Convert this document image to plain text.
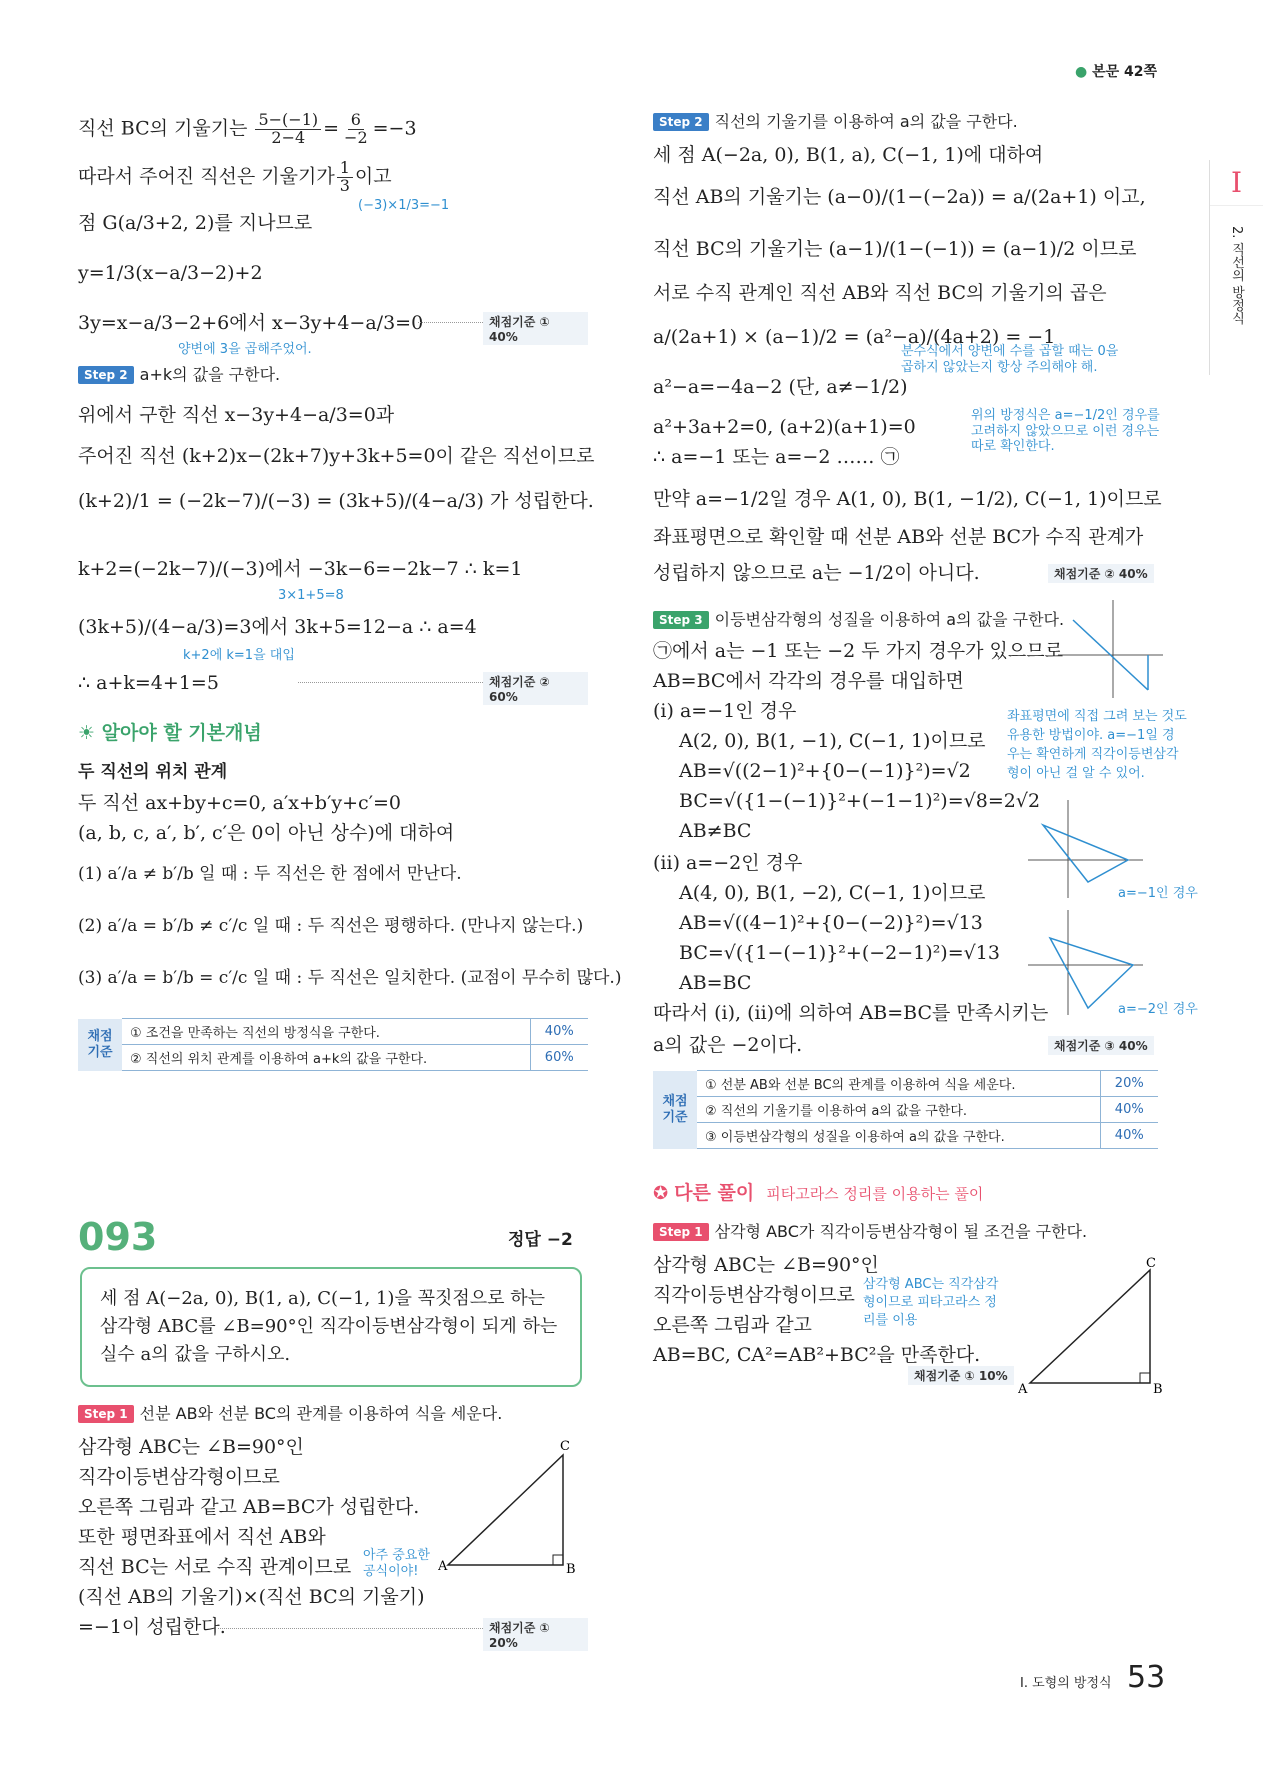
● 본문 42쪽
I
2. 직선의 방정식
직선 BC의 기울기는 $\frac{5-(-1)}{2-4} = \frac{6}{-2} =-3$
따라서 주어진 직선은 기울기가 $\frac{1}{3}$ 이고
(−3)×1/3=−1
점 G(a/3+2, 2)를 지나므로
y=1/3(x−a/3−2)+2
3y=x−a/3−2+6에서 x−3y+4−a/3=0	채점기준 ① 40%
양변에 3을 곱해주었어.
Step 2 a+k의 값을 구한다.
위에서 구한 직선 x−3y+4−a/3=0과
주어진 직선 (k+2)x−(2k+7)y+3k+5=0이 같은 직선이므로
(k+2)/1 = (−2k−7)/(−3) = (3k+5)/(4−a/3) 가 성립한다.
3×1+5=8
k+2=(−2k−7)/(−3)에서 −3k−6=−2k−7 ∴ k=1
(3k+5)/(4−a/3)=3에서 3k+5=12−a ∴ a=4
k+2에 k=1을 대입
∴ a+k=4+1=5	채점기준 ② 60%
☀ 알아야 할 기본개념
두 직선의 위치 관계
두 직선 ax+by+c=0, a′x+b′y+c′=0
(a, b, c, a′, b′, c′은 0이 아닌 상수)에 대하여
(1) a′/a ≠ b′/b 일 때 : 두 직선은 한 점에서 만난다.
(2) a′/a = b′/b ≠ c′/c 일 때 : 두 직선은 평행하다. (만나지 않는다.)
(3) a′/a = b′/b = c′/c 일 때 : 두 직선은 일치한다. (교점이 무수히 많다.)
채점 기준	① 조건을 만족하는 직선의 방정식을 구한다.	40%
	② 직선의 위치 관계를 이용하여 a+k의 값을 구한다.	60%
093	정답 −2
세 점 A(−2a, 0), B(1, a), C(−1, 1)을 꼭짓점으로 하는 삼각형 ABC를 ∠B=90°인 직각이등변삼각형이 되게 하는 실수 a의 값을 구하시오.
Step 1 선분 AB와 선분 BC의 관계를 이용하여 식을 세운다.
삼각형 ABC는 ∠B=90°인
직각이등변삼각형이므로
오른쪽 그림과 같고 AB=BC가 성립한다.
또한 평면좌표에서 직선 AB와
직선 BC는 서로 수직 관계이므로
아주 중요한 공식이야!
(직선 AB의 기울기)×(직선 BC의 기울기)
=−1이 성립한다.	채점기준 ① 20%
A	B
C
Step 2 직선의 기울기를 이용하여 a의 값을 구한다.
세 점 A(−2a, 0), B(1, a), C(−1, 1)에 대하여
직선 AB의 기울기는 (a−0)/(1−(−2a)) = a/(2a+1) 이고,
직선 BC의 기울기는 (a−1)/(1−(−1)) = (a−1)/2 이므로
서로 수직 관계인 직선 AB와 직선 BC의 기울기의 곱은
a/(2a+1) × (a−1)/2 = (a²−a)/(4a+2) = −1
분수식에서 양변에 수를 곱할 때는 0을 곱하지 않았는지 항상 주의해야 해.
a²−a=−4a−2 (단, a≠−1/2)
a²+3a+2=0, (a+2)(a+1)=0
위의 방정식은 a=−1/2인 경우를 고려하지 않았으므로 이런 경우는 따로 확인한다.
∴ a=−1 또는 a=−2 …… ㉠
만약 a=−1/2일 경우 A(1, 0), B(1, −1/2), C(−1, 1)이므로
좌표평면으로 확인할 때 선분 AB와 선분 BC가 수직 관계가
성립하지 않으므로 a는 −1/2이 아니다.	채점기준 ② 40%
Step 3 이등변삼각형의 성질을 이용하여 a의 값을 구한다.
㉠에서 a는 −1 또는 −2 두 가지 경우가 있으므로
AB=BC에서 각각의 경우를 대입하면
(i) a=−1인 경우	좌표평면에 직접 그려 보는 것도 유용한 방법이야. a=−1일 경우는 확연하게 직각이등변삼각형이 아닌 걸 알 수 있어.
A(2, 0), B(1, −1), C(−1, 1)이므로
AB=√((2−1)²+{0−(−1)}²)=√2
BC=√({1−(−1)}²+(−1−1)²)=√8=2√2
AB≠BC
(ii) a=−2인 경우
A(4, 0), B(1, −2), C(−1, 1)이므로
AB=√((4−1)²+{0−(−2)}²)=√13
BC=√({1−(−1)}²+(−2−1)²)=√13
AB=BC
따라서 (i), (ii)에 의하여 AB=BC를 만족시키는
a의 값은 −2이다.	채점기준 ③ 40%
a=−1인 경우
a=−2인 경우
채점 기준	① 선분 AB와 선분 BC의 관계를 이용하여 식을 세운다.	20%
	② 직선의 기울기를 이용하여 a의 값을 구한다.	40%
	③ 이등변삼각형의 성질을 이용하여 a의 값을 구한다.	40%
✪ 다른 풀이 피타고라스 정리를 이용하는 풀이
Step 1 삼각형 ABC가 직각이등변삼각형이 될 조건을 구한다.
삼각형 ABC는 ∠B=90°인
직각이등변삼각형이므로 삼각형 ABC는 직각삼각형이므로 피타고라스 정리를 이용
오른쪽 그림과 같고
AB=BC, CA²=AB²+BC²을 만족한다.
채점기준 ① 10%
A	B
C
Ⅰ. 도형의 방정식 53
